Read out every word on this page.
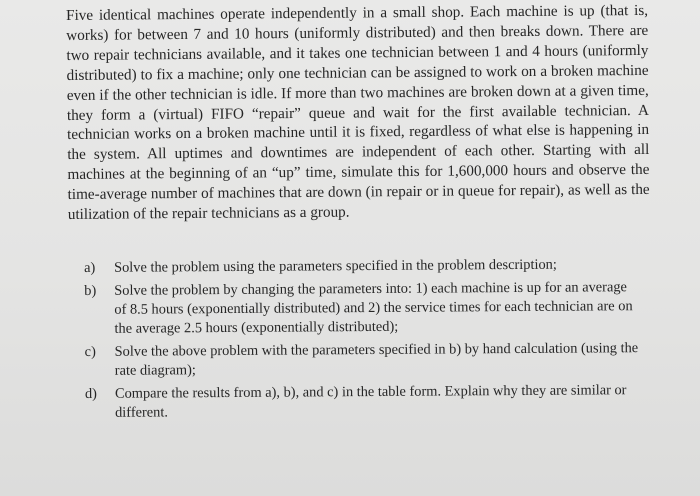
Five identical machines operate independently in a small shop. Each machine is up (that is, works) for between 7 and 10 hours (uniformly distributed) and then breaks down. There are two repair technicians available, and it takes one technician between 1 and 4 hours (uniformly distributed) to fix a machine; only one technician can be assigned to work on a broken machine even if the other technician is idle. If more than two machines are broken down at a given time, they form a (virtual) FIFO “repair” queue and wait for the first available technician. A technician works on a broken machine until it is fixed, regardless of what else is happening in the system. All uptimes and downtimes are independent of each other. Starting with all machines at the beginning of an “up” time, simulate this for 1,600,000 hours and observe the time-average number of machines that are down (in repair or in queue for repair), as well as the utilization of the repair technicians as a group.

a)	Solve the problem using the parameters specified in the problem description;
b)	Solve the problem by changing the parameters into: 1) each machine is up for an average of 8.5 hours (exponentially distributed) and 2) the service times for each technician are on the average 2.5 hours (exponentially distributed);
c)	Solve the above problem with the parameters specified in b) by hand calculation (using the rate diagram);
d)	Compare the results from a), b), and c) in the table form. Explain why they are similar or different.
